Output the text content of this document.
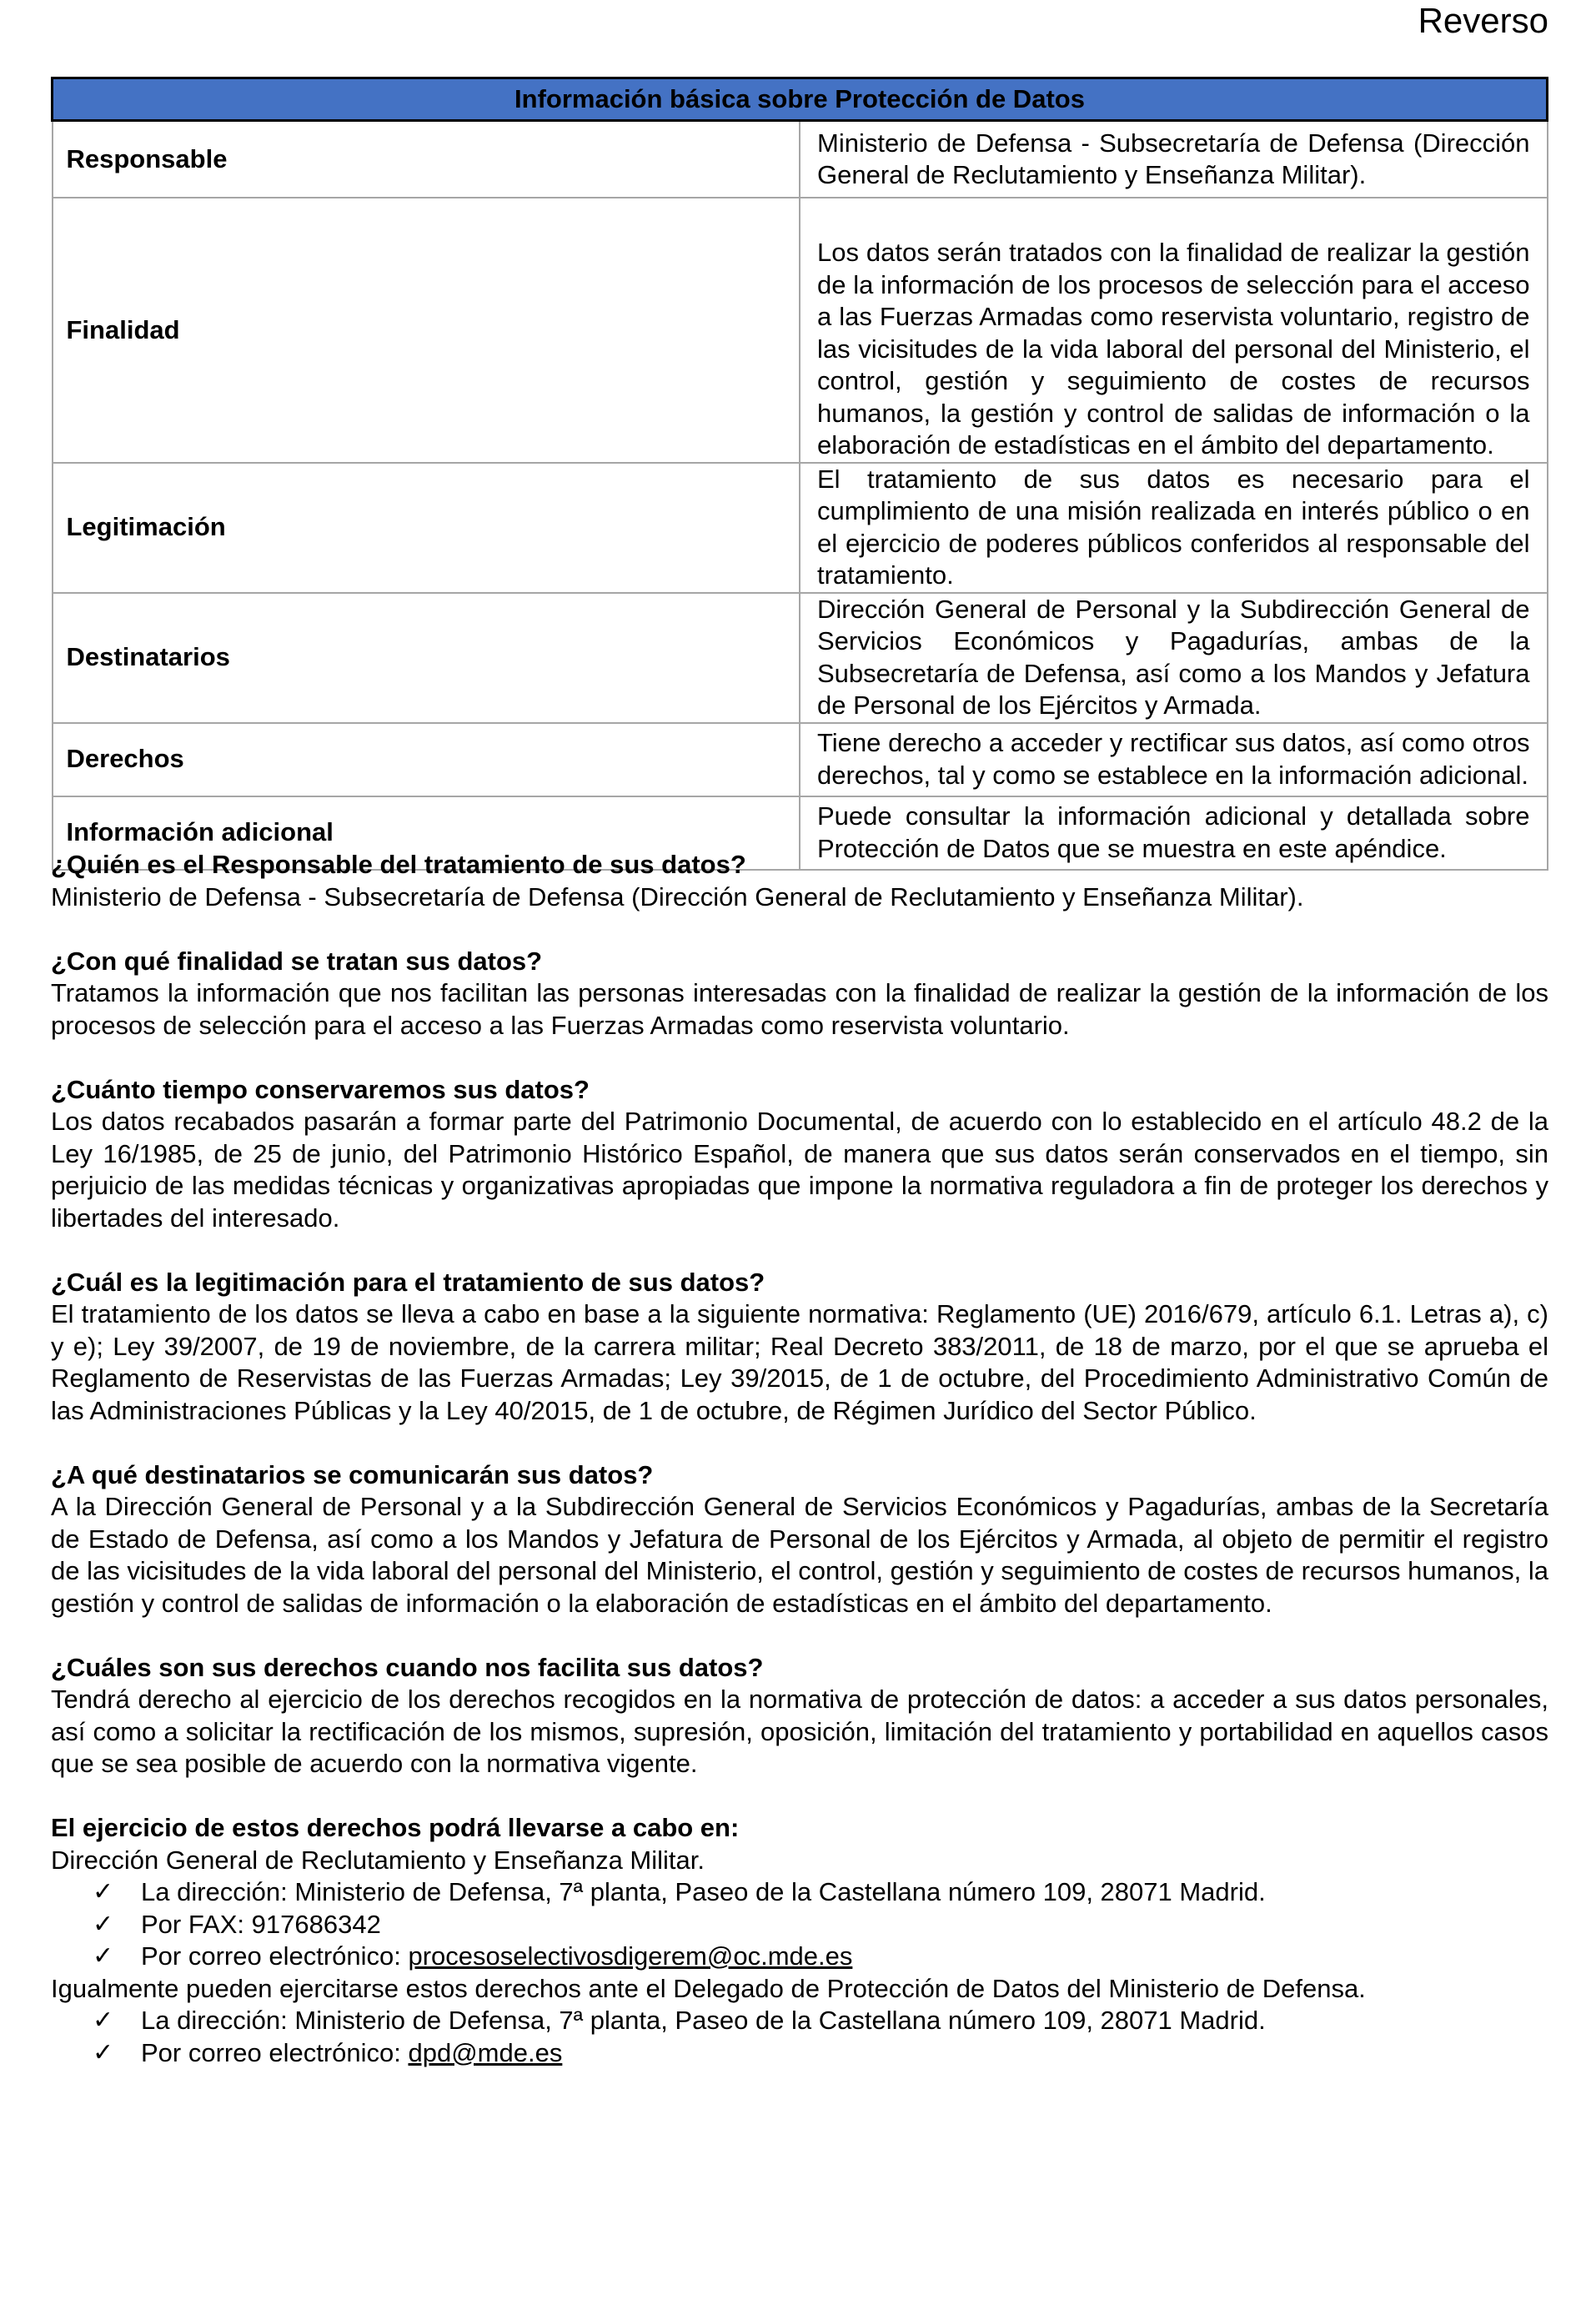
Reverso
Información básica sobre Protección de Datos	
Responsable	Ministerio de Defensa - Subsecretaría de Defensa (Dirección General de Reclutamiento y Enseñanza Militar).
Finalidad	Los datos serán tratados con la finalidad de realizar la gestión de la información de los procesos de selección para el acceso a las Fuerzas Armadas como reservista voluntario, registro de las vicisitudes de la vida laboral del personal del Ministerio, el control, gestión y seguimiento de costes de recursos humanos, la gestión y control de salidas de información o la elaboración de estadísticas en el ámbito del departamento.

Legitimación	El tratamiento de sus datos es necesario para el cumplimiento de una misión realizada en interés público o en el ejercicio de poderes públicos conferidos al responsable del tratamiento.
Destinatarios	Dirección General de Personal y la Subdirección General de Servicios Económicos y Pagadurías, ambas de la Subsecretaría de Defensa, así como a los Mandos y Jefatura de Personal de los Ejércitos y Armada.
Derechos	Tiene derecho a acceder y rectificar sus datos, así como otros derechos, tal y como se establece en la información adicional.
Información adicional	Puede consultar la información adicional y detallada sobre Protección de Datos que se muestra en este apéndice.

¿Quién es el Responsable del tratamiento de sus datos?

Ministerio de Defensa - Subsecretaría de Defensa (Dirección General de Reclutamiento y Enseñanza Militar).

¿Con qué finalidad se tratan sus datos?

Tratamos la información que nos facilitan las personas interesadas con la finalidad de realizar la gestión de la información de los procesos de selección para el acceso a las Fuerzas Armadas como reservista voluntario.

¿Cuánto tiempo conservaremos sus datos?

Los datos recabados pasarán a formar parte del Patrimonio Documental, de acuerdo con lo establecido en el artículo 48.2 de la Ley 16/1985, de 25 de junio, del Patrimonio Histórico Español, de manera que sus datos serán conservados en el tiempo, sin perjuicio de las medidas técnicas y organizativas apropiadas que impone la normativa reguladora a fin de proteger los derechos y libertades del interesado.

¿Cuál es la legitimación para el tratamiento de sus datos?

El tratamiento de los datos se lleva a cabo en base a la siguiente normativa: Reglamento (UE) 2016/679, artículo 6.1. Letras a), c) y e); Ley 39/2007, de 19 de noviembre, de la carrera militar; Real Decreto 383/2011, de 18 de marzo, por el que se aprueba el Reglamento de Reservistas de las Fuerzas Armadas; Ley 39/2015, de 1 de octubre, del Procedimiento Administrativo Común de las Administraciones Públicas y la Ley 40/2015, de 1 de octubre, de Régimen Jurídico del Sector Público.

¿A qué destinatarios se comunicarán sus datos?

A la Dirección General de Personal y a la Subdirección General de Servicios Económicos y Pagadurías, ambas de la Secretaría de Estado de Defensa, así como a los Mandos y Jefatura de Personal de los Ejércitos y Armada, al objeto de permitir el registro de las vicisitudes de la vida laboral del personal del Ministerio, el control, gestión y seguimiento de costes de recursos humanos, la gestión y control de salidas de información o la elaboración de estadísticas en el ámbito del departamento.

¿Cuáles son sus derechos cuando nos facilita sus datos?

Tendrá derecho al ejercicio de los derechos recogidos en la normativa de protección de datos: a acceder a sus datos personales, así como a solicitar la rectificación de los mismos, supresión, oposición, limitación del tratamiento y portabilidad en aquellos casos que se sea posible de acuerdo con la normativa vigente.

El ejercicio de estos derechos podrá llevarse a cabo en:

Dirección General de Reclutamiento y Enseñanza Militar.

✓ La dirección: Ministerio de Defensa, 7ª planta, Paseo de la Castellana número 109, 28071 Madrid.
✓ Por FAX: 917686342
✓ Por correo electrónico: procesoselectivosdigerem@oc.mde.es

Igualmente pueden ejercitarse estos derechos ante el Delegado de Protección de Datos del Ministerio de Defensa.

✓ La dirección: Ministerio de Defensa, 7ª planta, Paseo de la Castellana número 109, 28071 Madrid.
✓ Por correo electrónico: dpd@mde.es
